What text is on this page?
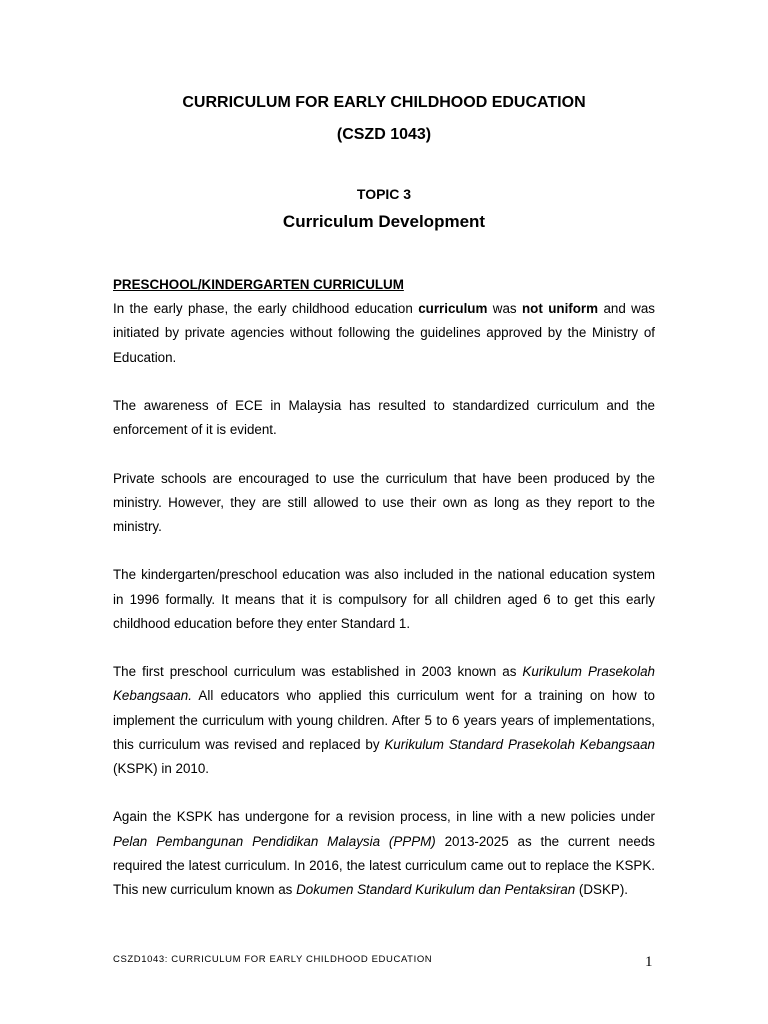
CURRICULUM FOR EARLY CHILDHOOD EDUCATION
(CSZD 1043)
TOPIC 3
Curriculum Development
PRESCHOOL/KINDERGARTEN CURRICULUM

In the early phase, the early childhood education curriculum was not uniform and was initiated by private agencies without following the guidelines approved by the Ministry of Education.

The awareness of ECE in Malaysia has resulted to standardized curriculum and the enforcement of it is evident.

Private schools are encouraged to use the curriculum that have been produced by the ministry. However, they are still allowed to use their own as long as they report to the ministry.

The kindergarten/preschool education was also included in the national education system in 1996 formally. It means that it is compulsory for all children aged 6 to get this early childhood education before they enter Standard 1.

The first preschool curriculum was established in 2003 known as Kurikulum Prasekolah Kebangsaan. All educators who applied this curriculum went for a training on how to implement the curriculum with young children. After 5 to 6 years years of implementations, this curriculum was revised and replaced by Kurikulum Standard Prasekolah Kebangsaan (KSPK) in 2010.

Again the KSPK has undergone for a revision process, in line with a new policies under Pelan Pembangunan Pendidikan Malaysia (PPPM) 2013-2025 as the current needs required the latest curriculum. In 2016, the latest curriculum came out to replace the KSPK. This new curriculum known as Dokumen Standard Kurikulum dan Pentaksiran (DSKP).

CSZD1043: CURRICULUM FOR EARLY CHILDHOOD EDUCATION	1
